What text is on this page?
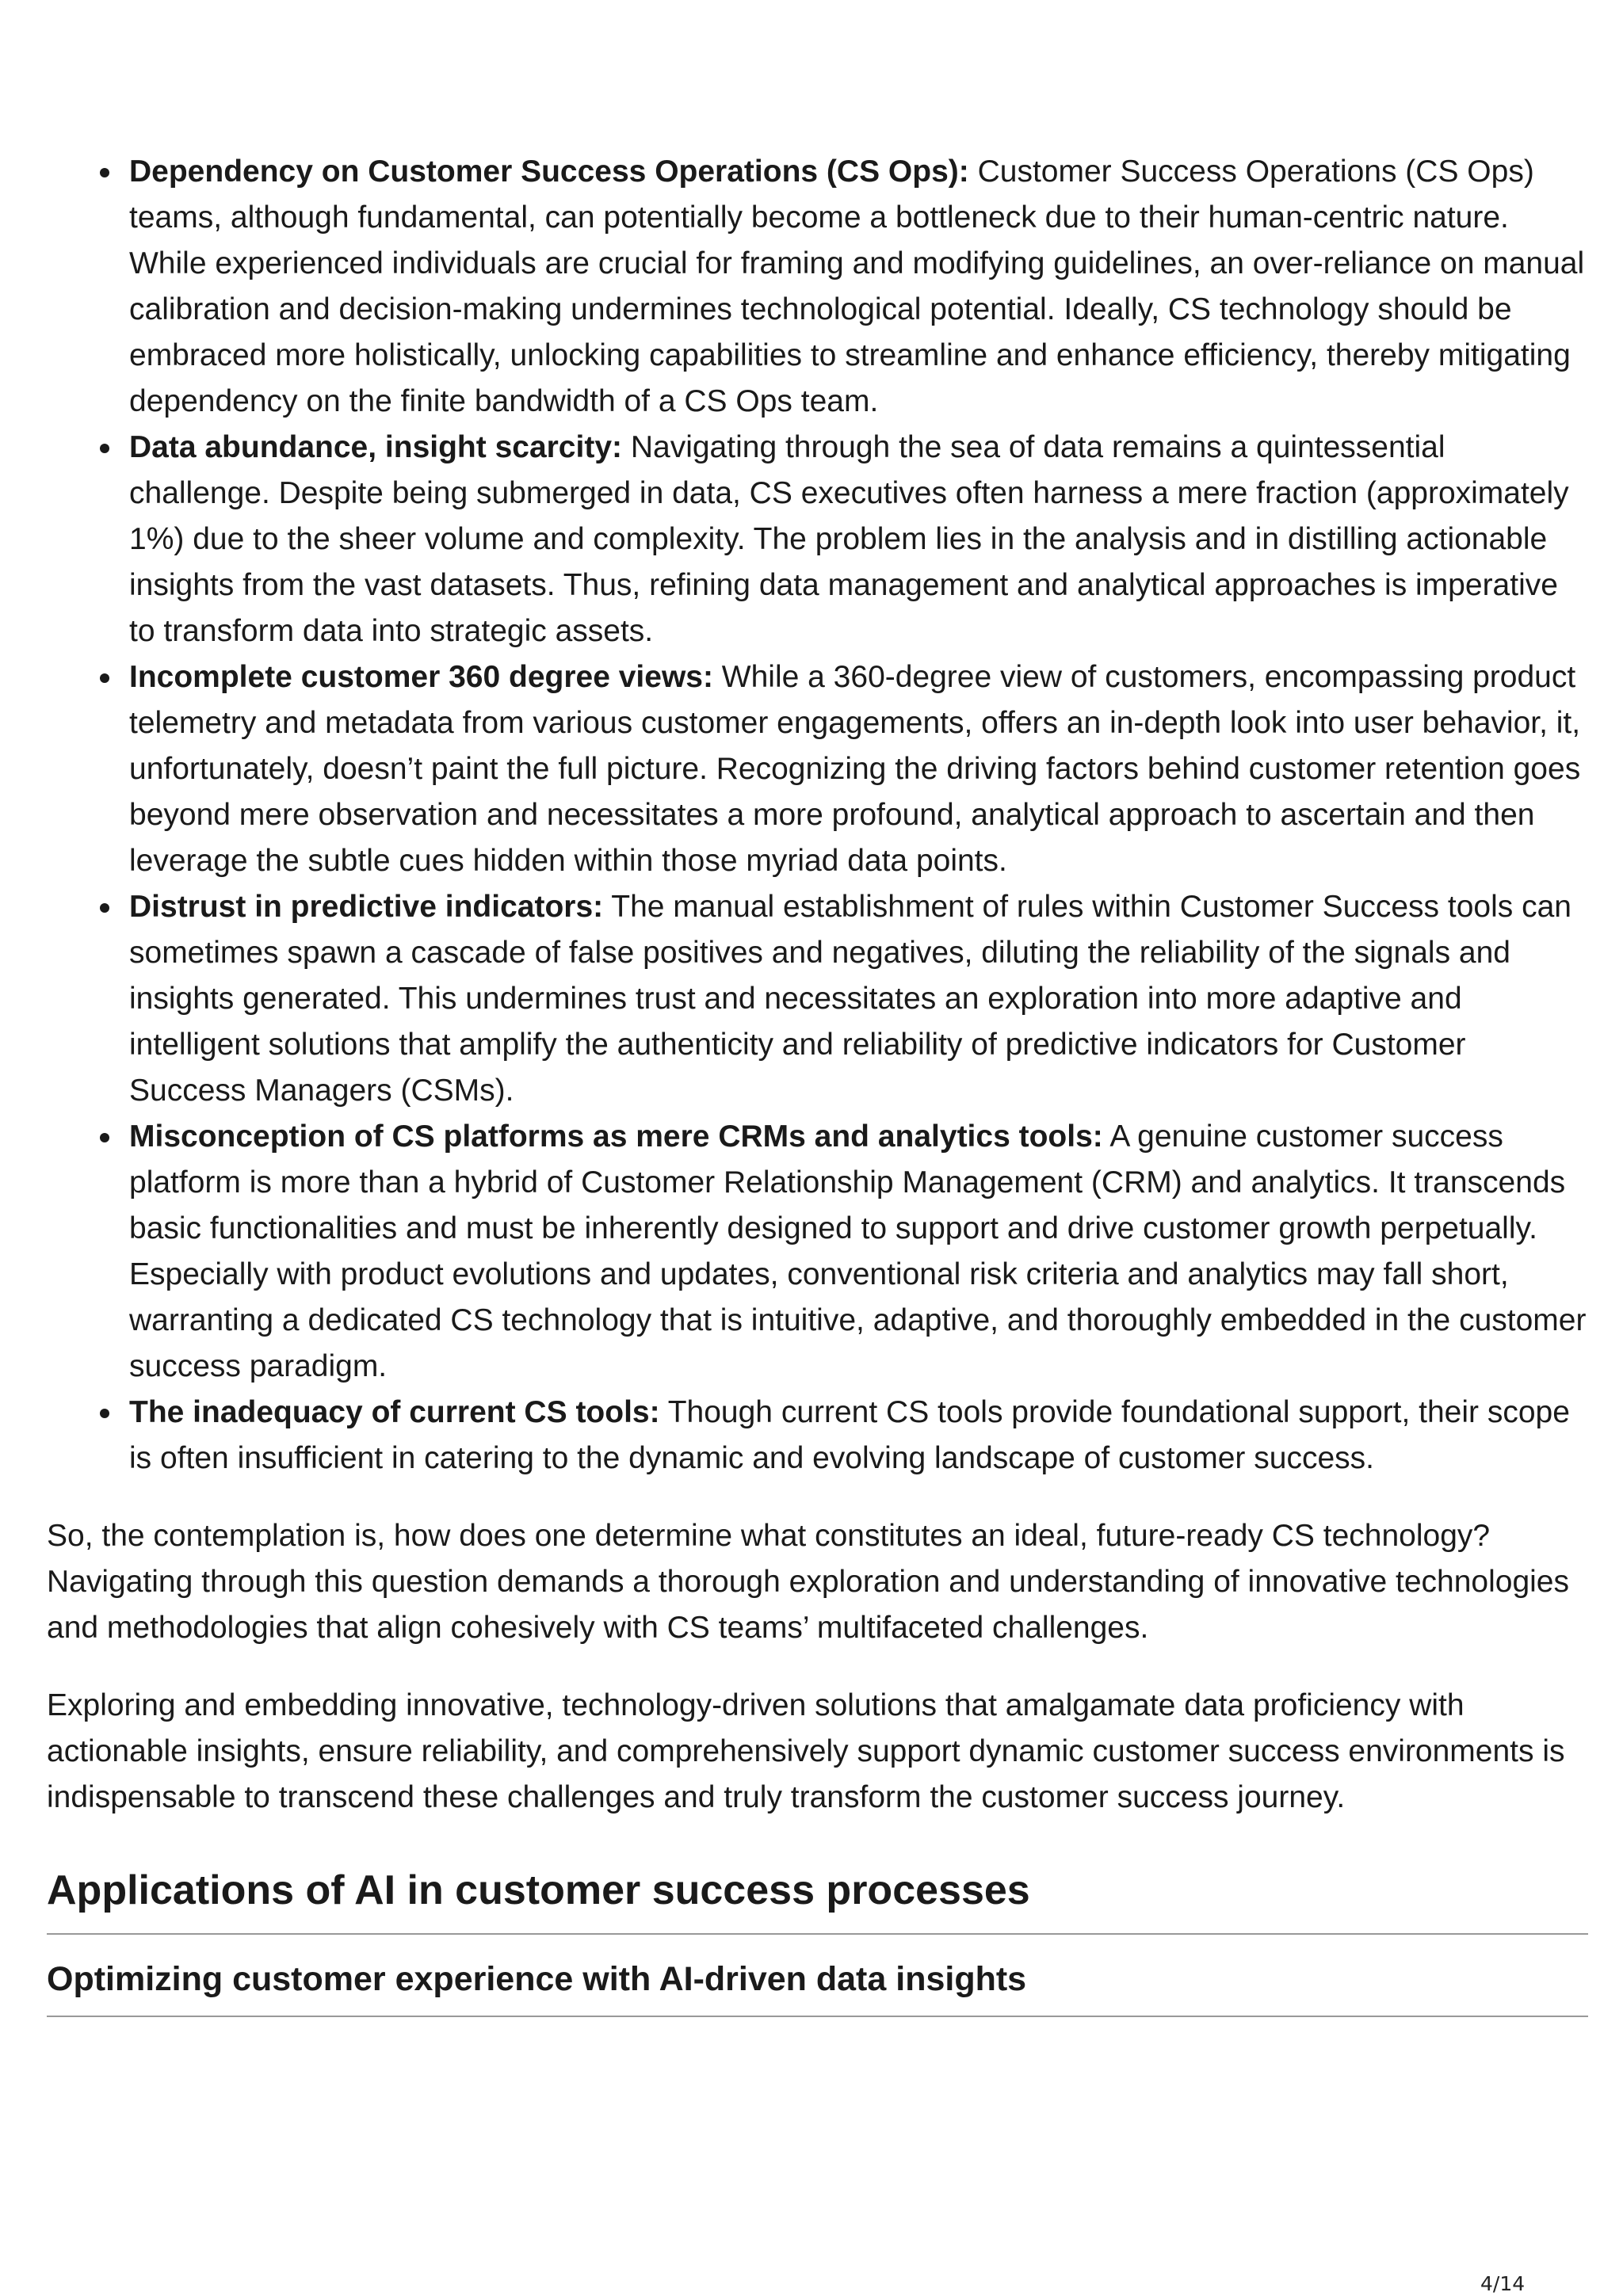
Dependency on Customer Success Operations (CS Ops): Customer Success Operations (CS Ops) teams, although fundamental, can potentially become a bottleneck due to their human-centric nature. While experienced individuals are crucial for framing and modifying guidelines, an over-reliance on manual calibration and decision-making undermines technological potential. Ideally, CS technology should be embraced more holistically, unlocking capabilities to streamline and enhance efficiency, thereby mitigating dependency on the finite bandwidth of a CS Ops team.
Data abundance, insight scarcity: Navigating through the sea of data remains a quintessential challenge. Despite being submerged in data, CS executives often harness a mere fraction (approximately 1%) due to the sheer volume and complexity. The problem lies in the analysis and in distilling actionable insights from the vast datasets. Thus, refining data management and analytical approaches is imperative to transform data into strategic assets.
Incomplete customer 360 degree views: While a 360-degree view of customers, encompassing product telemetry and metadata from various customer engagements, offers an in-depth look into user behavior, it, unfortunately, doesn’t paint the full picture. Recognizing the driving factors behind customer retention goes beyond mere observation and necessitates a more profound, analytical approach to ascertain and then leverage the subtle cues hidden within those myriad data points.
Distrust in predictive indicators: The manual establishment of rules within Customer Success tools can sometimes spawn a cascade of false positives and negatives, diluting the reliability of the signals and insights generated. This undermines trust and necessitates an exploration into more adaptive and intelligent solutions that amplify the authenticity and reliability of predictive indicators for Customer Success Managers (CSMs).
Misconception of CS platforms as mere CRMs and analytics tools: A genuine customer success platform is more than a hybrid of Customer Relationship Management (CRM) and analytics. It transcends basic functionalities and must be inherently designed to support and drive customer growth perpetually. Especially with product evolutions and updates, conventional risk criteria and analytics may fall short, warranting a dedicated CS technology that is intuitive, adaptive, and thoroughly embedded in the customer success paradigm.
The inadequacy of current CS tools: Though current CS tools provide foundational support, their scope is often insufficient in catering to the dynamic and evolving landscape of customer success.

So, the contemplation is, how does one determine what constitutes an ideal, future-ready CS technology? Navigating through this question demands a thorough exploration and understanding of innovative technologies and methodologies that align cohesively with CS teams’ multifaceted challenges.

Exploring and embedding innovative, technology-driven solutions that amalgamate data proficiency with actionable insights, ensure reliability, and comprehensively support dynamic customer success environments is indispensable to transcend these challenges and truly transform the customer success journey.

Applications of AI in customer success processes
Optimizing customer experience with AI-driven data insights
4/14
